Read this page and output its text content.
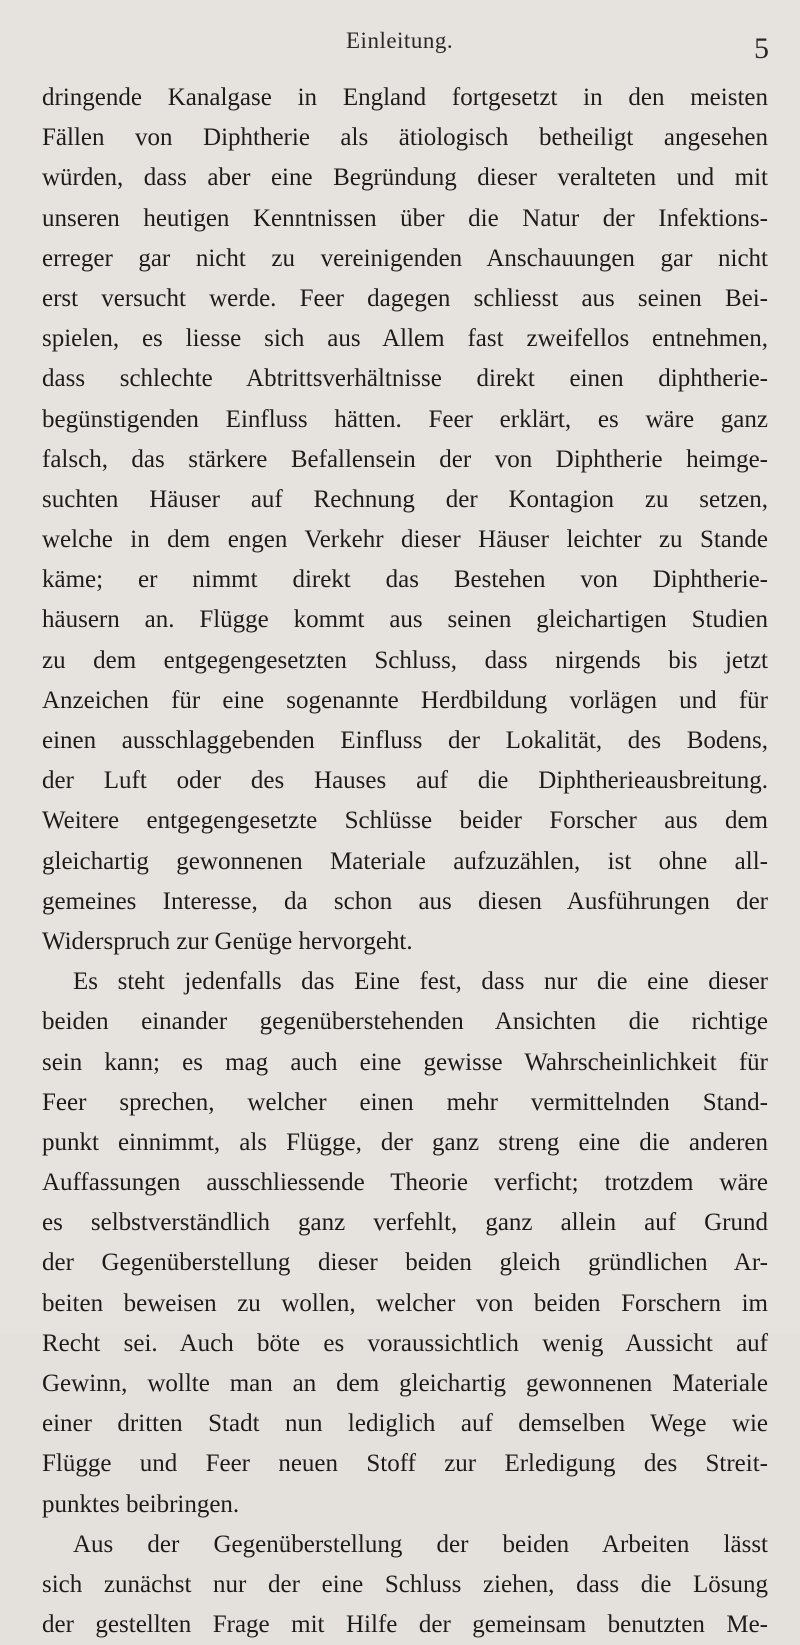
Einleitung.	5
dringende Kanalgase in England fortgesetzt in den meisten
Fällen von Diphtherie als ätiologisch betheiligt angesehen
würden, dass aber eine Begründung dieser veralteten und mit
unseren heutigen Kenntnissen über die Natur der Infektions-
erreger gar nicht zu vereinigenden Anschauungen gar nicht
erst versucht werde. Feer dagegen schliesst aus seinen Bei-
spielen, es liesse sich aus Allem fast zweifellos entnehmen,
dass schlechte Abtrittsverhältnisse direkt einen diphtherie-
begünstigenden Einfluss hätten. Feer erklärt, es wäre ganz
falsch, das stärkere Befallensein der von Diphtherie heimge-
suchten Häuser auf Rechnung der Kontagion zu setzen,
welche in dem engen Verkehr dieser Häuser leichter zu Stande
käme; er nimmt direkt das Bestehen von Diphtherie-
häusern an. Flügge kommt aus seinen gleichartigen Studien
zu dem entgegengesetzten Schluss, dass nirgends bis jetzt
Anzeichen für eine sogenannte Herdbildung vorlägen und für
einen ausschlaggebenden Einfluss der Lokalität, des Bodens,
der Luft oder des Hauses auf die Diphtherieausbreitung.
Weitere entgegengesetzte Schlüsse beider Forscher aus dem
gleichartig gewonnenen Materiale aufzuzählen, ist ohne all-
gemeines Interesse, da schon aus diesen Ausführungen der
Widerspruch zur Genüge hervorgeht.
Es steht jedenfalls das Eine fest, dass nur die eine dieser
beiden einander gegenüberstehenden Ansichten die richtige
sein kann; es mag auch eine gewisse Wahrscheinlichkeit für
Feer sprechen, welcher einen mehr vermittelnden Stand-
punkt einnimmt, als Flügge, der ganz streng eine die anderen
Auffassungen ausschliessende Theorie verficht; trotzdem wäre
es selbstverständlich ganz verfehlt, ganz allein auf Grund
der Gegenüberstellung dieser beiden gleich gründlichen Ar-
beiten beweisen zu wollen, welcher von beiden Forschern im
Recht sei. Auch böte es voraussichtlich wenig Aussicht auf
Gewinn, wollte man an dem gleichartig gewonnenen Materiale
einer dritten Stadt nun lediglich auf demselben Wege wie
Flügge und Feer neuen Stoff zur Erledigung des Streit-
punktes beibringen.
Aus der Gegenüberstellung der beiden Arbeiten lässt
sich zunächst nur der eine Schluss ziehen, dass die Lösung
der gestellten Frage mit Hilfe der gemeinsam benutzten Me-
